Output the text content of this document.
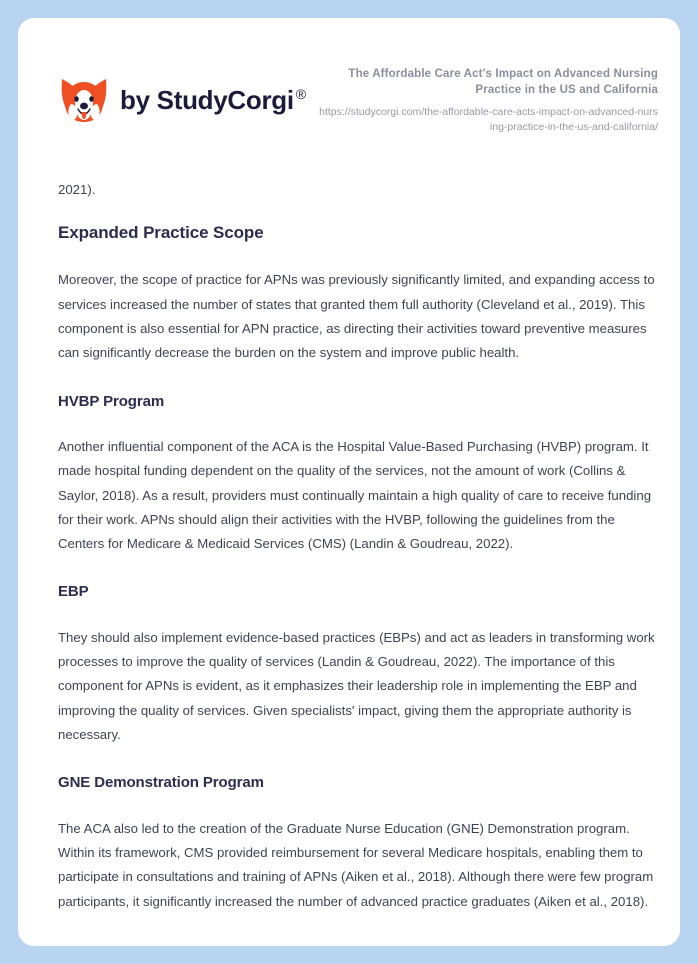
by StudyCorgi ®

The Affordable Care Act's Impact on Advanced Nursing Practice in the US and California

https://studycorgi.com/the-affordable-care-acts-impact-on-advanced-nursing-practice-in-the-us-and-california/

2021).

Expanded Practice Scope

Moreover, the scope of practice for APNs was previously significantly limited, and expanding access to services increased the number of states that granted them full authority (Cleveland et al., 2019). This component is also essential for APN practice, as directing their activities toward preventive measures can significantly decrease the burden on the system and improve public health.

HVBP Program

Another influential component of the ACA is the Hospital Value-Based Purchasing (HVBP) program. It made hospital funding dependent on the quality of the services, not the amount of work (Collins & Saylor, 2018). As a result, providers must continually maintain a high quality of care to receive funding for their work. APNs should align their activities with the HVBP, following the guidelines from the Centers for Medicare & Medicaid Services (CMS) (Landin & Goudreau, 2022).

EBP

They should also implement evidence-based practices (EBPs) and act as leaders in transforming work processes to improve the quality of services (Landin & Goudreau, 2022). The importance of this component for APNs is evident, as it emphasizes their leadership role in implementing the EBP and improving the quality of services. Given specialists' impact, giving them the appropriate authority is necessary.

GNE Demonstration Program

The ACA also led to the creation of the Graduate Nurse Education (GNE) Demonstration program. Within its framework, CMS provided reimbursement for several Medicare hospitals, enabling them to participate in consultations and training of APNs (Aiken et al., 2018). Although there were few program participants, it significantly increased the number of advanced practice graduates (Aiken et al., 2018).
